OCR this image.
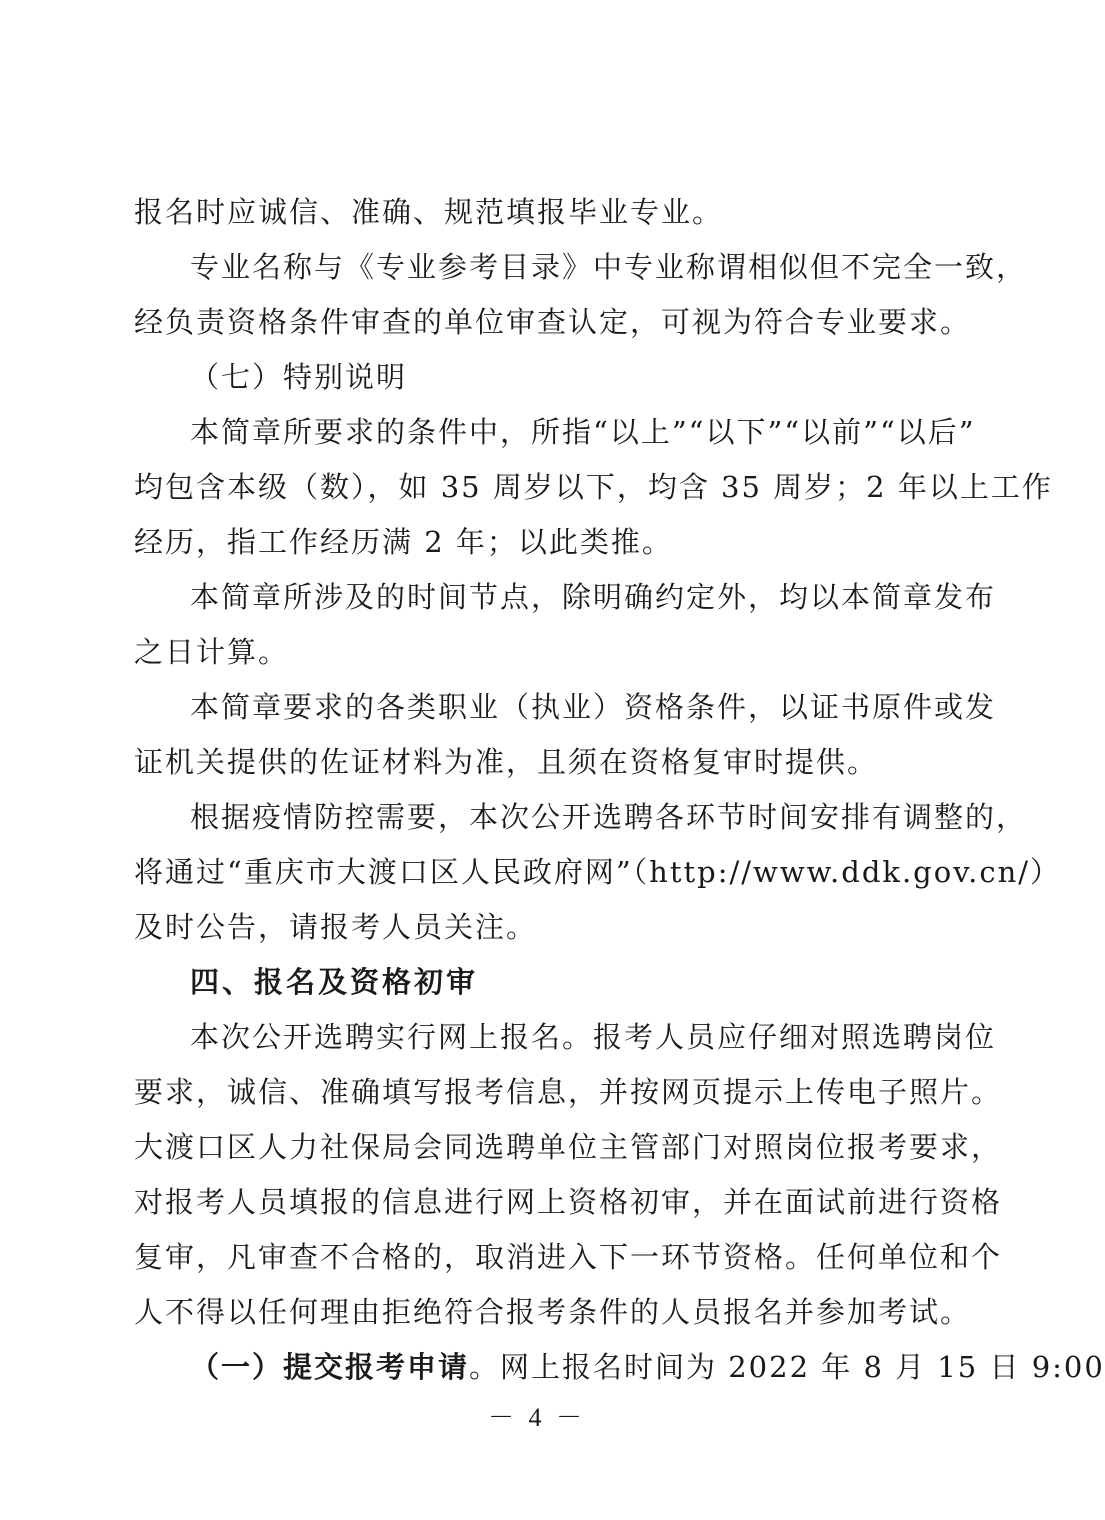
报名时应诚信、准确、规范填报毕业专业。
专业名称与《专业参考目录》中专业称谓相似但不完全一致，
经负责资格条件审查的单位审查认定，可视为符合专业要求。
（七）特别说明
本简章所要求的条件中，所指“以上”“以下”“以前”“以后”
均包含本级（数），如 35 周岁以下，均含 35 周岁；2 年以上工作
经历，指工作经历满 2 年；以此类推。
本简章所涉及的时间节点，除明确约定外，均以本简章发布
之日计算。
本简章要求的各类职业（执业）资格条件，以证书原件或发
证机关提供的佐证材料为准，且须在资格复审时提供。
根据疫情防控需要，本次公开选聘各环节时间安排有调整的，
将通过“重庆市大渡口区人民政府网”（http://www.ddk.gov.cn/）
及时公告，请报考人员关注。
四、报名及资格初审
本次公开选聘实行网上报名。报考人员应仔细对照选聘岗位
要求，诚信、准确填写报考信息，并按网页提示上传电子照片。
大渡口区人力社保局会同选聘单位主管部门对照岗位报考要求，
对报考人员填报的信息进行网上资格初审，并在面试前进行资格
复审，凡审查不合格的，取消进入下一环节资格。任何单位和个
人不得以任何理由拒绝符合报考条件的人员报名并参加考试。
（一）提交报考申请。网上报名时间为 2022 年 8 月 15 日 9:00
－ 4 －
